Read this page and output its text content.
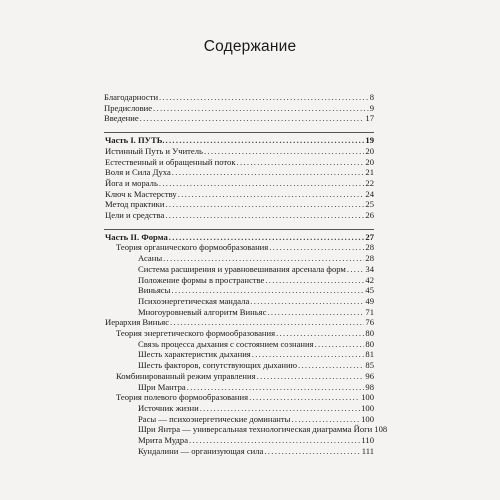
Содержание
Благодарности .....	8
Предисловие .....	9
Введение .....	17
Часть I. ПУТЬ. .....	19
Истинный Путь и Учитель .....	20
Естественный и обращенный поток .....	20
Воля и Сила Духа .....	21
Йога и мораль .....	22
Ключ к Мастерству .....	24
Метод практики .....	25
Цели и средства .....	26
Часть II. Форма .....	27
Теория органического формообразования .....	28
Асаны .....	28
Система расширения и уравновешивания арсенала форм ..... 34
Положение формы в пространстве .....	42
Виньясы .....	45
Психоэнергетическая мандала .....	49
Многоуровневый алгоритм Виньяс .....	71
Иерархия Виньяс .....	76
Теория энергетического формообразования .....	80
Связь процесса дыхания с состоянием сознания .....	80
Шесть характеристик дыхания .....	81
Шесть факторов, сопутствующих дыханию .....	85
Комбинированный режим управления .....	96
Шри Мантра .....	98
Теория полевого формообразования .....	100
Источник жизни .....	100
Расы — психоэнергетические доминанты .....	100
Шри Янтра — универсальная технологическая диаграмма Йоги 108
Мрита Мудра .....	110
Кундалини — организующая сила .....	111
